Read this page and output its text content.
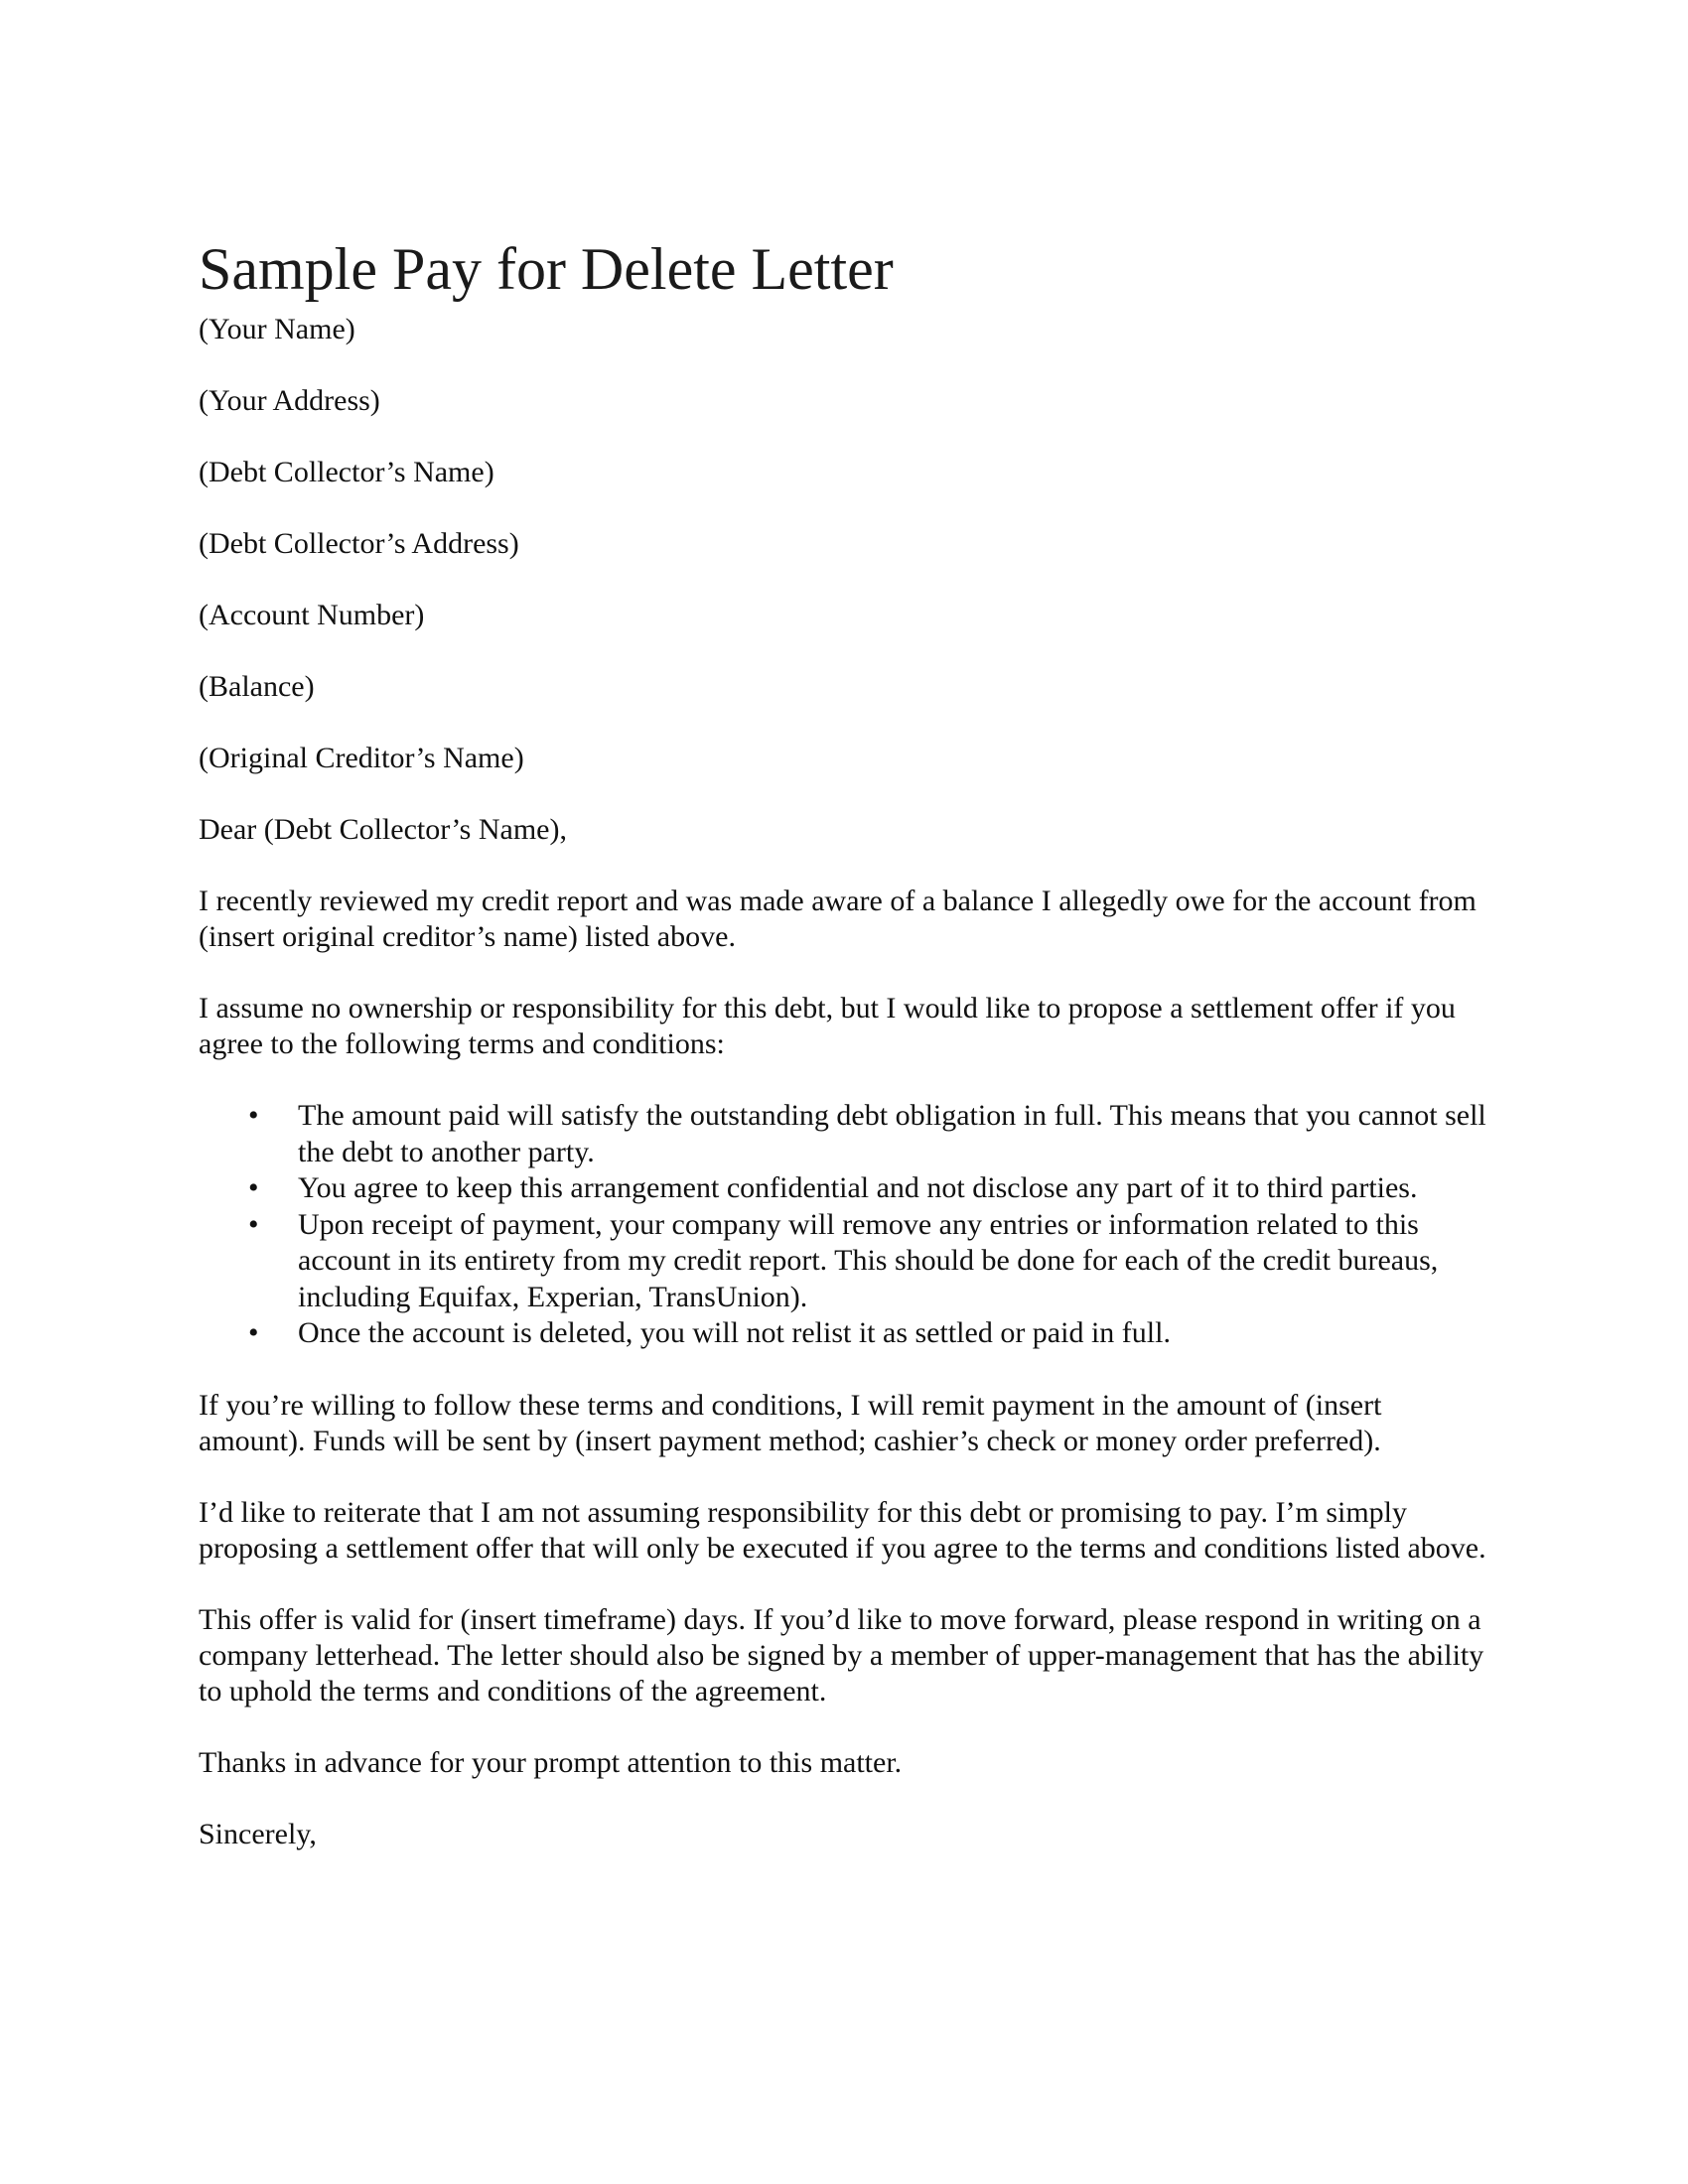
Sample Pay for Delete Letter

(Your Name)

(Your Address)

(Debt Collector’s Name)

(Debt Collector’s Address)

(Account Number)

(Balance)

(Original Creditor’s Name)

Dear (Debt Collector’s Name),

I recently reviewed my credit report and was made aware of a balance I allegedly owe for the account from (insert original creditor’s name) listed above.

I assume no ownership or responsibility for this debt, but I would like to propose a settlement offer if you agree to the following terms and conditions:

• The amount paid will satisfy the outstanding debt obligation in full. This means that you cannot sell the debt to another party.
• You agree to keep this arrangement confidential and not disclose any part of it to third parties.
• Upon receipt of payment, your company will remove any entries or information related to this account in its entirety from my credit report. This should be done for each of the credit bureaus, including Equifax, Experian, TransUnion).
• Once the account is deleted, you will not relist it as settled or paid in full.

If you’re willing to follow these terms and conditions, I will remit payment in the amount of (insert amount). Funds will be sent by (insert payment method; cashier’s check or money order preferred).

I’d like to reiterate that I am not assuming responsibility for this debt or promising to pay. I’m simply proposing a settlement offer that will only be executed if you agree to the terms and conditions listed above.

This offer is valid for (insert timeframe) days. If you’d like to move forward, please respond in writing on a company letterhead. The letter should also be signed by a member of upper-management that has the ability to uphold the terms and conditions of the agreement.

Thanks in advance for your prompt attention to this matter.

Sincerely,
